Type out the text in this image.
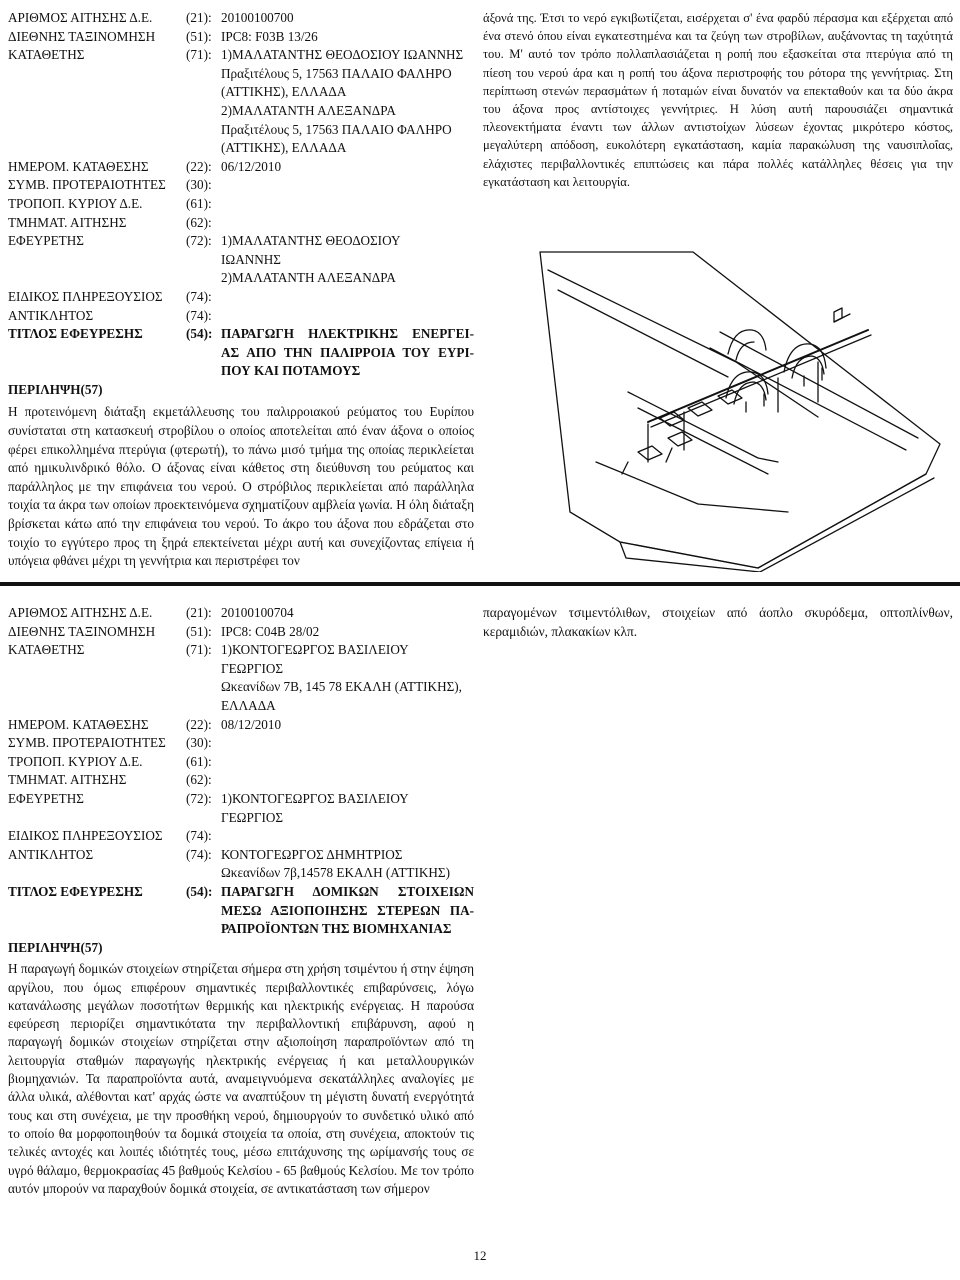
ΑΡΙΘΜΟΣ ΑΙΤΗΣΗΣ Δ.Ε.	(21): 20100100700
ΔΙΕΘΝΗΣ ΤΑΞΙΝΟΜΗΣΗ	(51): IPC8: F03B 13/26
ΚΑΤΑΘΕΤΗΣ	(71): 1)ΜΑΛΑΤΑΝΤΗΣ ΘΕΟΔΟΣΙΟΥ ΙΩΑΝΝΗΣ
Πραξιτέλους 5, 17563 ΠΑΛΑΙΟ ΦΑΛΗΡΟ
(ΑΤΤΙΚΗΣ), ΕΛΛΑΔΑ
2)ΜΑΛΑΤΑΝΤΗ ΑΛΕΞΑΝΔΡΑ
Πραξιτέλους 5, 17563 ΠΑΛΑΙΟ ΦΑΛΗΡΟ
(ΑΤΤΙΚΗΣ), ΕΛΛΑΔΑ
ΗΜΕΡΟΜ. ΚΑΤΑΘΕΣΗΣ	(22): 06/12/2010
ΣΥΜΒ. ΠΡΟΤΕΡΑΙΟΤΗΤΕΣ	(30):
ΤΡΟΠΟΠ. ΚΥΡΙΟΥ Δ.Ε.	(61):
ΤΜΗΜΑΤ. ΑΙΤΗΣΗΣ	(62):
ΕΦΕΥΡΕΤΗΣ	(72): 1)ΜΑΛΑΤΑΝΤΗΣ ΘΕΟΔΟΣΙΟΥ
ΙΩΑΝΝΗΣ
2)ΜΑΛΑΤΑΝΤΗ ΑΛΕΞΑΝΔΡΑ
ΕΙΔΙΚΟΣ ΠΛΗΡΕΞΟΥΣΙΟΣ	(74):
ΑΝΤΙΚΛΗΤΟΣ	(74):
ΤΙΤΛΟΣ ΕΦΕΥΡΕΣΗΣ	(54): ΠΑΡΑΓΩΓΗ ΗΛΕΚΤΡΙΚΗΣ ΕΝΕΡΓΕΙ-
ΑΣ ΑΠΟ ΤΗΝ ΠΑΛΙΡΡΟΙΑ ΤΟΥ ΕΥΡΙ-
ΠΟΥ ΚΑΙ ΠΟΤΑΜΟΥΣ
ΠΕΡΙΛΗΨΗ(57)
Η προτεινόμενη διάταξη εκμετάλλευσης του παλιρροιακού ρεύματος του Ευρίπου συνίσταται στη κατασκευή στροβίλου ο οποίος αποτελείται από έναν άξονα ο οποίος φέρει επικολλημένα πτερύγια (φτερωτή), το πάνω μισό τμήμα της οποίας περικλείεται από ημικυλινδρικό θόλο. Ο άξονας είναι κάθετος στη διεύθυνση του ρεύματος και παράλληλος με την επιφάνεια του νερού. Ο στρόβιλος περικλείεται από παράλληλα τοιχία τα άκρα των οποίων προεκτεινόμενα σχηματίζουν αμβλεία γωνία. Η όλη διάταξη βρίσκεται κάτω από την επιφάνεια του νερού. Το άκρο του άξονα που εδράζεται στο τοιχίο το εγγύτερο προς τη ξηρά επεκτείνεται μέχρι αυτή και συνεχίζοντας επίγεια ή υπόγεια φθάνει μέχρι τη γεννήτρια και περιστρέφει τον
άξονά της. Έτσι το νερό εγκιβωτίζεται, εισέρχεται σ' ένα φαρδύ πέρασμα και εξέρχεται από ένα στενό όπου είναι εγκατεστημένα και τα ζεύγη των στροβίλων, αυξάνοντας τη ταχύτητά του. Μ' αυτό τον τρόπο πολλαπλασιάζεται η ροπή που εξασκείται στα πτερύγια από τη πίεση του νερού άρα και η ροπή του άξονα περιστροφής του ρότορα της γεννήτριας. Στη περίπτωση στενών περασμάτων ή ποταμών είναι δυνατόν να επεκταθούν και τα δύο άκρα του άξονα προς αντίστοιχες γεννήτριες. Η λύση αυτή παρουσιάζει σημαντικά πλεονεκτήματα έναντι των άλλων αντιστοίχων λύσεων έχοντας μικρότερο κόστος, μεγαλύτερη απόδοση, ευκολότερη εγκατάσταση, καμία παρακώλυση της ναυσιπλοΐας, ελάχιστες περιβαλλοντικές επιπτώσεις και πάρα πολλές κατάλληλες θέσεις για την εγκατάσταση και λειτουργία.
ΑΡΙΘΜΟΣ ΑΙΤΗΣΗΣ Δ.Ε.	(21): 20100100704
ΔΙΕΘΝΗΣ ΤΑΞΙΝΟΜΗΣΗ	(51): IPC8: C04B 28/02
ΚΑΤΑΘΕΤΗΣ	(71): 1)ΚΟΝΤΟΓΕΩΡΓΟΣ ΒΑΣΙΛΕΙΟΥ
ΓΕΩΡΓΙΟΣ
Ωκεανίδων 7Β, 145 78 ΕΚΑΛΗ (ΑΤΤΙΚΗΣ),
ΕΛΛΑΔΑ
ΗΜΕΡΟΜ. ΚΑΤΑΘΕΣΗΣ	(22): 08/12/2010
ΣΥΜΒ. ΠΡΟΤΕΡΑΙΟΤΗΤΕΣ	(30):
ΤΡΟΠΟΠ. ΚΥΡΙΟΥ Δ.Ε.	(61):
ΤΜΗΜΑΤ. ΑΙΤΗΣΗΣ	(62):
ΕΦΕΥΡΕΤΗΣ	(72): 1)ΚΟΝΤΟΓΕΩΡΓΟΣ ΒΑΣΙΛΕΙΟΥ
ΓΕΩΡΓΙΟΣ
ΕΙΔΙΚΟΣ ΠΛΗΡΕΞΟΥΣΙΟΣ	(74):
ΑΝΤΙΚΛΗΤΟΣ	(74): ΚΟΝΤΟΓΕΩΡΓΟΣ ΔΗΜΗΤΡΙΟΣ
Ωκεανίδων 7β,14578 ΕΚΑΛΗ (ΑΤΤΙΚΗΣ)
ΤΙΤΛΟΣ ΕΦΕΥΡΕΣΗΣ	(54): ΠΑΡΑΓΩΓΗ ΔΟΜΙΚΩΝ ΣΤΟΙΧΕΙΩΝ
ΜΕΣΩ ΑΞΙΟΠΟΙΗΣΗΣ ΣΤΕΡΕΩΝ ΠΑ-
ΡΑΠΡΟΪΟΝΤΩΝ ΤΗΣ ΒΙΟΜΗΧΑΝΙΑΣ
ΠΕΡΙΛΗΨΗ(57)
Η παραγωγή δομικών στοιχείων στηρίζεται σήμερα στη χρήση τσιμέντου ή στην έψηση αργίλου, που όμως επιφέρουν σημαντικές περιβαλλοντικές επιβαρύνσεις, λόγω κατανάλωσης μεγάλων ποσοτήτων θερμικής και ηλεκτρικής ενέργειας. Η παρούσα εφεύρεση περιορίζει σημαντικότατα την περιβαλλοντική επιβάρυνση, αφού η παραγωγή δομικών στοιχείων στηρίζεται στην αξιοποίηση παραπροϊόντων από τη λειτουργία σταθμών παραγωγής ηλεκτρικής ενέργειας ή και μεταλλουργικών βιομηχανιών. Τα παραπροϊόντα αυτά, αναμειγνυόμενα σεκατάλληλες αναλογίες με άλλα υλικά, αλέθονται κατ' αρχάς ώστε να αναπτύξουν τη μέγιστη δυνατή ενεργότητά τους και στη συνέχεια, με την προσθήκη νερού, δημιουργούν το συνδετικό υλικό από το οποίο θα μορφοποιηθούν τα δομικά στοιχεία τα οποία, στη συνέχεια, αποκτούν τις τελικές αντοχές και λοιπές ιδιότητές τους, μέσω επιτάχυνσης της ωρίμανσής τους σε υγρό θάλαμο, θερμοκρασίας 45 βαθμούς Κελσίου - 65 βαθμούς Κελσίου. Με τον τρόπο αυτόν μπορούν να παραχθούν δομικά στοιχεία, σε αντικατάσταση των σήμερον
παραγομένων τσιμεντόλιθων, στοιχείων από άοπλο σκυρόδεμα, οπτοπλίνθων, κεραμιδιών, πλακακίων κλπ.
12
